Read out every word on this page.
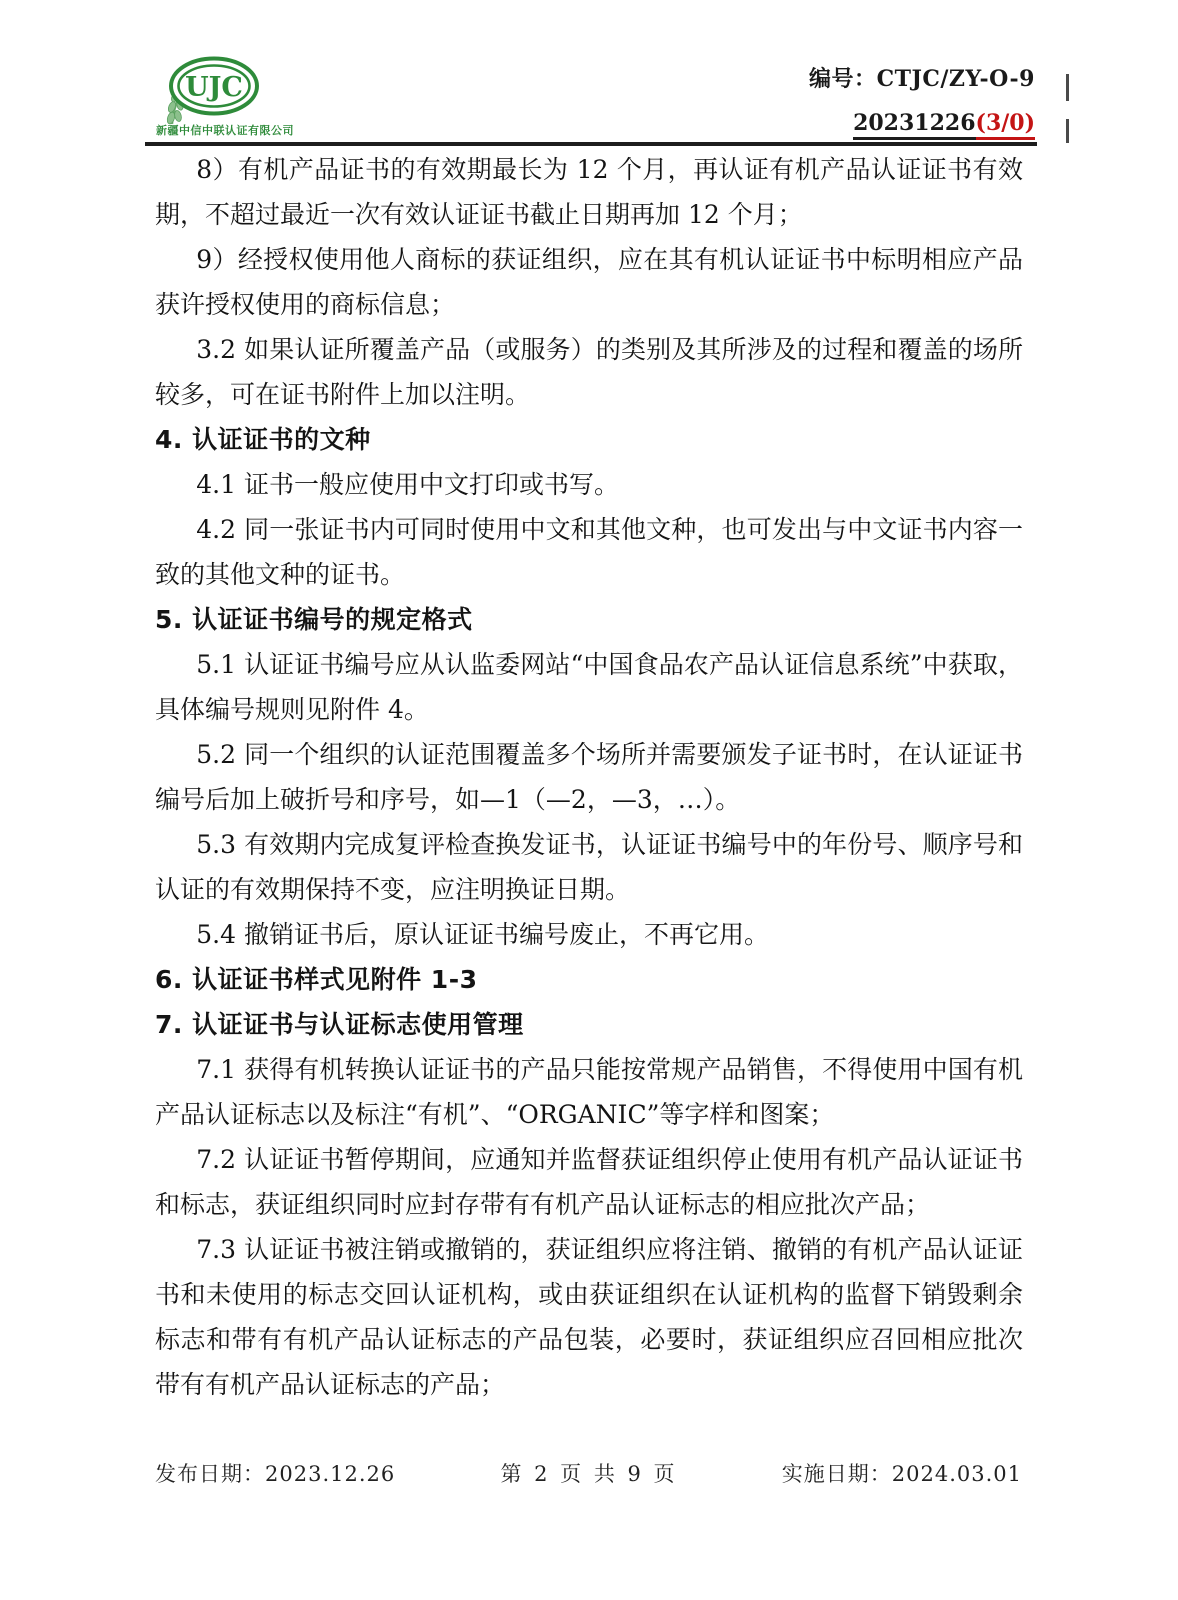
UJC
新疆中信中联认证有限公司
编号：CTJC/ZY-O-9
20231226(3/0)

8）有机产品证书的有效期最长为 12 个月，再认证有机产品认证证书有效期，不超过最近一次有效认证证书截止日期再加 12 个月；

9）经授权使用他人商标的获证组织，应在其有机认证证书中标明相应产品获许授权使用的商标信息；

3.2 如果认证所覆盖产品（或服务）的类别及其所涉及的过程和覆盖的场所较多，可在证书附件上加以注明。

4. 认证证书的文种

4.1 证书一般应使用中文打印或书写。

4.2 同一张证书内可同时使用中文和其他文种，也可发出与中文证书内容一致的其他文种的证书。

5. 认证证书编号的规定格式

5.1 认证证书编号应从认监委网站“中国食品农产品认证信息系统”中获取，具体编号规则见附件 4。

5.2 同一个组织的认证范围覆盖多个场所并需要颁发子证书时，在认证证书编号后加上破折号和序号，如—1（—2，—3，…）。

5.3 有效期内完成复评检查换发证书，认证证书编号中的年份号、顺序号和认证的有效期保持不变，应注明换证日期。

5.4 撤销证书后，原认证证书编号废止，不再它用。

6. 认证证书样式见附件 1-3

7. 认证证书与认证标志使用管理

7.1 获得有机转换认证证书的产品只能按常规产品销售，不得使用中国有机产品认证标志以及标注“有机”、“ORGANIC”等字样和图案；

7.2 认证证书暂停期间，应通知并监督获证组织停止使用有机产品认证证书和标志，获证组织同时应封存带有有机产品认证标志的相应批次产品；

7.3 认证证书被注销或撤销的，获证组织应将注销、撤销的有机产品认证证书和未使用的标志交回认证机构，或由获证组织在认证机构的监督下销毁剩余标志和带有有机产品认证标志的产品包装，必要时，获证组织应召回相应批次带有有机产品认证标志的产品；

发布日期：2023.12.26	第 2 页 共 9 页	实施日期：2024.03.01
